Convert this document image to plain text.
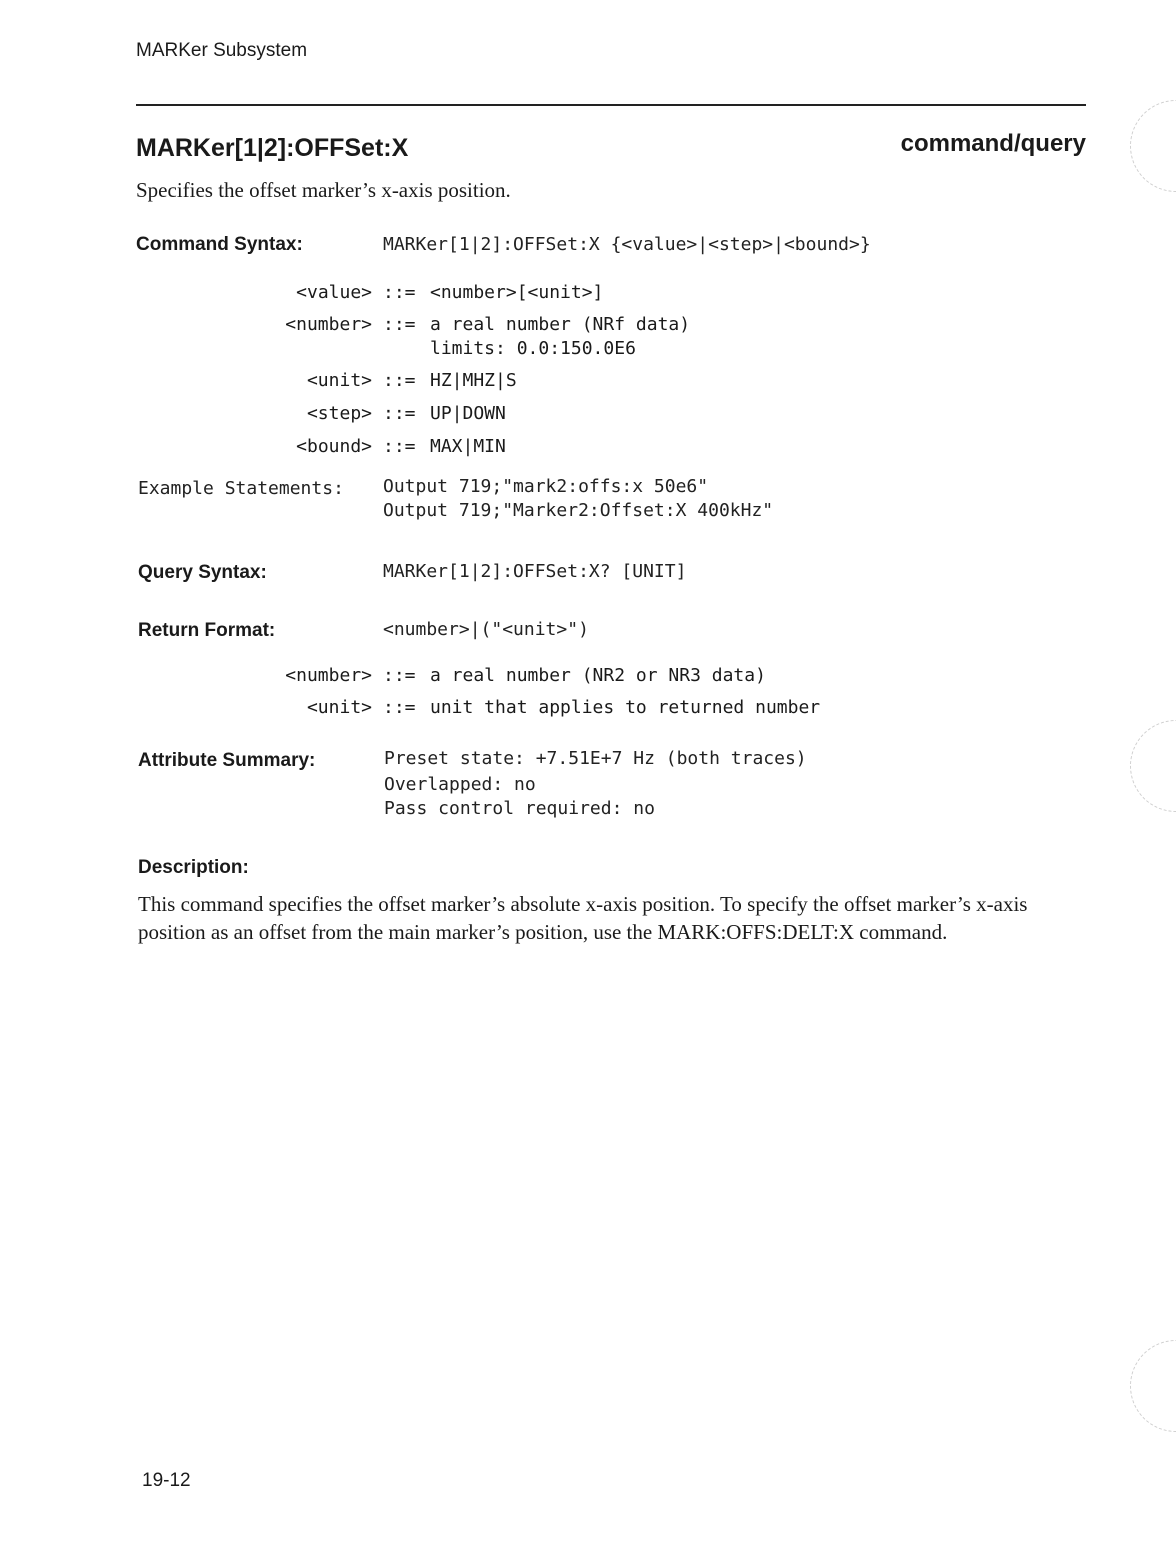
MARKer Subsystem
MARKer[1|2]:OFFSet:X	command/query
Specifies the offset marker’s x-axis position.
Command Syntax:	MARKer[1|2]:OFFSet:X {<value>|<step>|<bound>}
<value> ::= <number>[<unit>]
<number> ::= a real number (NRf data)
limits: 0.0:150.0E6
<unit> ::= HZ|MHZ|S
<step> ::= UP|DOWN
<bound> ::= MAX|MIN
Example Statements: Output 719;"mark2:offs:x 50e6"
Output 719;"Marker2:Offset:X 400kHz"
Query Syntax:	MARKer[1|2]:OFFSet:X? [UNIT]
Return Format:	<number>|("<unit>")
<number> ::= a real number (NR2 or NR3 data)
<unit> ::= unit that applies to returned number
Attribute Summary:	Preset state: +7.51E+7 Hz (both traces)
Overlapped: no
Pass control required: no
Description:
This command specifies the offset marker’s absolute x-axis position. To specify the offset marker’s x-axis position as an offset from the main marker’s position, use the MARK:OFFS:DELT:X command.
19-12
